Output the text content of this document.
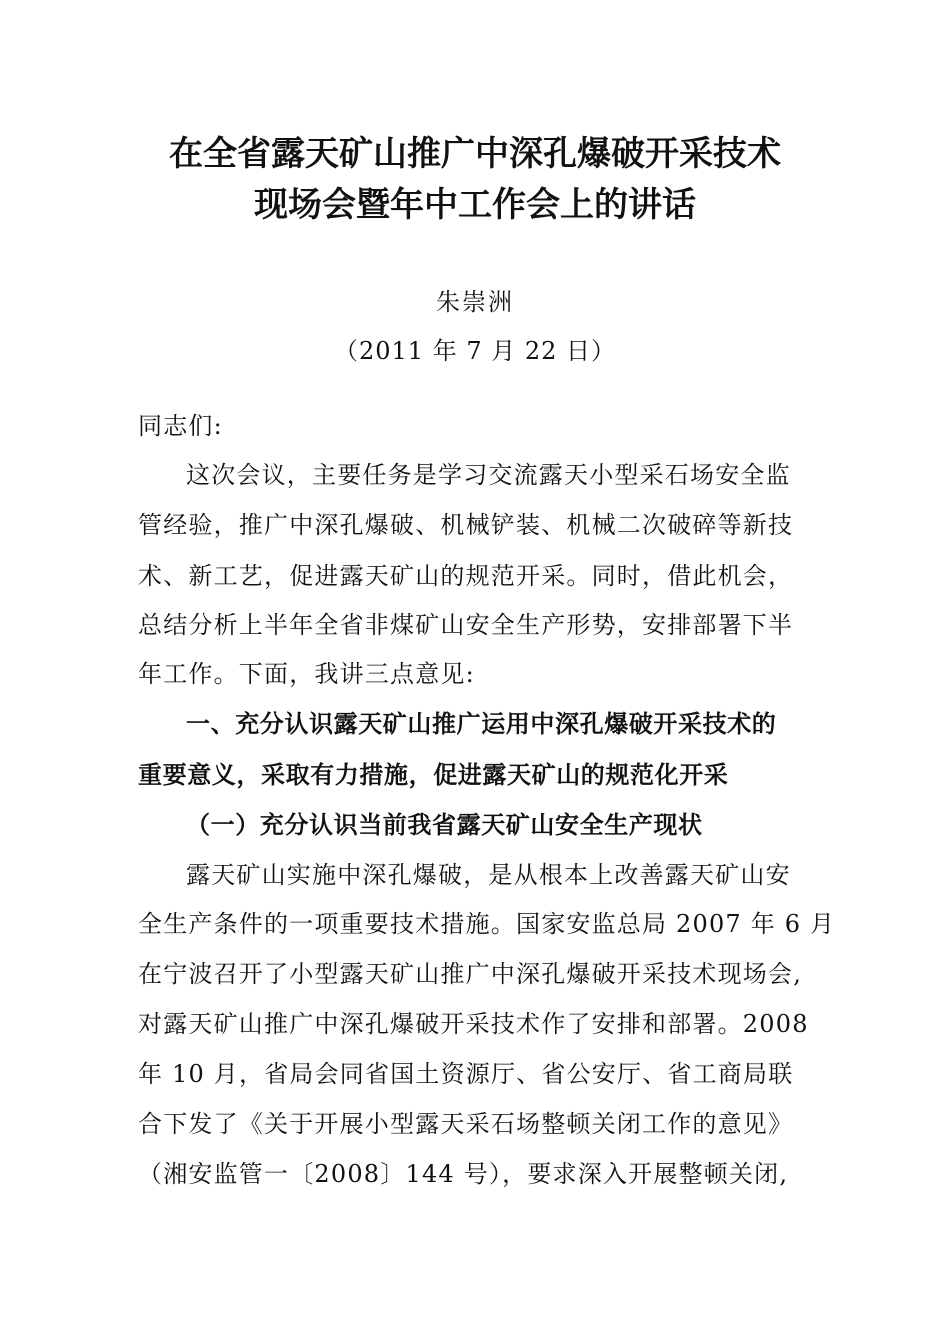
在全省露天矿山推广中深孔爆破开采技术
现场会暨年中工作会上的讲话
朱崇洲
（2011 年 7 月 22 日）
同志们:
这次会议，主要任务是学习交流露天小型采石场安全监
管经验，推广中深孔爆破、机械铲装、机械二次破碎等新技
术、新工艺，促进露天矿山的规范开采。同时，借此机会，
总结分析上半年全省非煤矿山安全生产形势，安排部署下半
年工作。下面，我讲三点意见:
一、充分认识露天矿山推广运用中深孔爆破开采技术的
重要意义，采取有力措施，促进露天矿山的规范化开采
（一）充分认识当前我省露天矿山安全生产现状
露天矿山实施中深孔爆破，是从根本上改善露天矿山安
全生产条件的一项重要技术措施。国家安监总局 2007 年 6 月
在宁波召开了小型露天矿山推广中深孔爆破开采技术现场会,
对露天矿山推广中深孔爆破开采技术作了安排和部署。2008
年 10 月，省局会同省国土资源厅、省公安厅、省工商局联
合下发了《关于开展小型露天采石场整顿关闭工作的意见》
（湘安监管一〔2008〕144 号），要求深入开展整顿关闭,
